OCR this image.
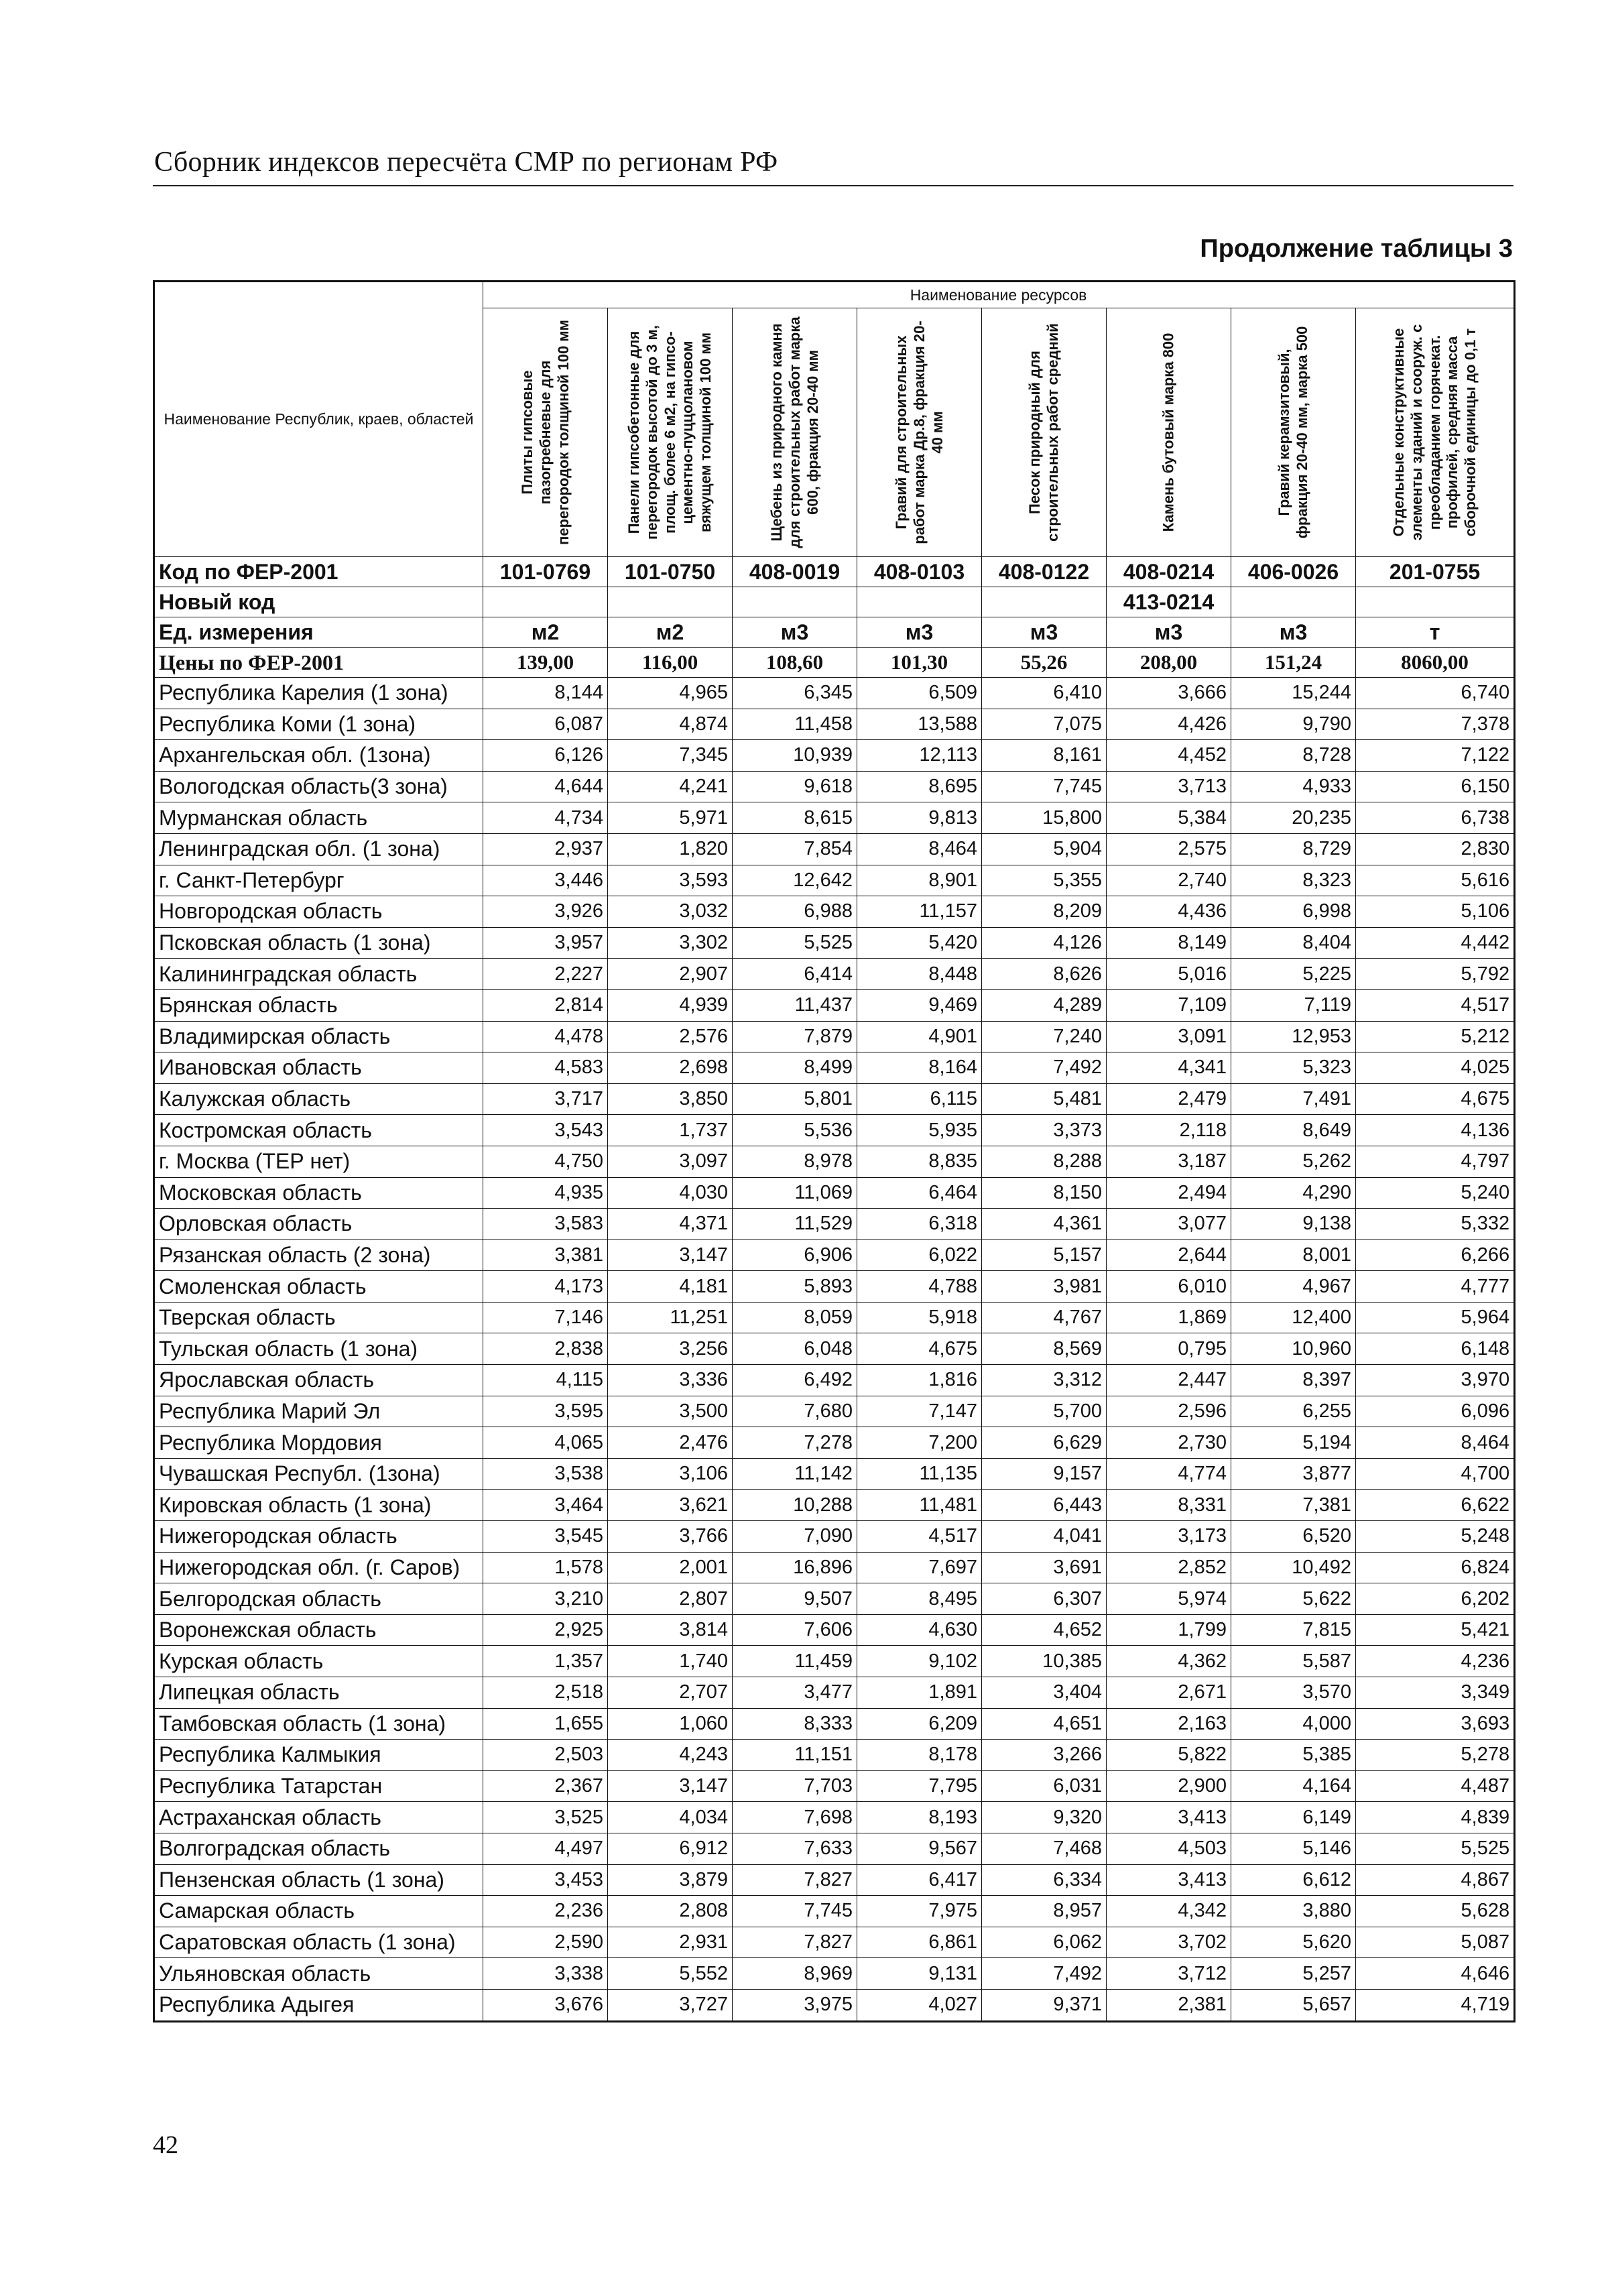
Сборник индексов пересчёта СМР по регионам РФ
Продолжение таблицы 3
Наименование Республик, краев, областей	Наименование ресурсов							

	Плиты гипсовые пазогребневые для перегородок толщиной 100 мм	Панели гипсобетонные для перегородок высотой до 3 м, площ. более 6 м2, на гипсо-цементно-пуццолановом вяжущем толщиной 100 мм	Щебень из природного камня для строительных работ марка 600, фракция 20-40 мм	Гравий для строительных работ марка Др.8, фракция 20-40 мм	Песок природный для строительных работ средний	Камень бутовый марка 800	Гравий керамзитовый, фракция 20-40 мм, марка 500	Отдельные конструктивные элементы зданий и сооруж. с преобладанием горячекат. профилей, средняя масса сборочной единицы до 0,1 т

Код по ФЕР-2001	101-0769	101-0750	408-0019	408-0103	408-0122	408-0214	406-0026	201-0755
Новый код						413-0214		
Ед. измерения	м2	м2	м3	м3	м3	м3	м3	т
Цены по ФЕР-2001	139,00	116,00	108,60	101,30	55,26	208,00	151,24	8060,00
Республика Карелия (1 зона)	8,144	4,965	6,345	6,509	6,410	3,666	15,244	6,740
Республика Коми (1 зона)	6,087	4,874	11,458	13,588	7,075	4,426	9,790	7,378
Архангельская обл. (1зона)	6,126	7,345	10,939	12,113	8,161	4,452	8,728	7,122
Вологодская область(3 зона)	4,644	4,241	9,618	8,695	7,745	3,713	4,933	6,150
Мурманская область	4,734	5,971	8,615	9,813	15,800	5,384	20,235	6,738
Ленинградская обл. (1 зона)	2,937	1,820	7,854	8,464	5,904	2,575	8,729	2,830
г. Санкт-Петербург	3,446	3,593	12,642	8,901	5,355	2,740	8,323	5,616
Новгородская область	3,926	3,032	6,988	11,157	8,209	4,436	6,998	5,106
Псковская область (1 зона)	3,957	3,302	5,525	5,420	4,126	8,149	8,404	4,442
Калининградская область	2,227	2,907	6,414	8,448	8,626	5,016	5,225	5,792
Брянская область	2,814	4,939	11,437	9,469	4,289	7,109	7,119	4,517
Владимирская область	4,478	2,576	7,879	4,901	7,240	3,091	12,953	5,212
Ивановская область	4,583	2,698	8,499	8,164	7,492	4,341	5,323	4,025
Калужская область	3,717	3,850	5,801	6,115	5,481	2,479	7,491	4,675
Костромская область	3,543	1,737	5,536	5,935	3,373	2,118	8,649	4,136
г. Москва (ТЕР нет)	4,750	3,097	8,978	8,835	8,288	3,187	5,262	4,797
Московская область	4,935	4,030	11,069	6,464	8,150	2,494	4,290	5,240
Орловская область	3,583	4,371	11,529	6,318	4,361	3,077	9,138	5,332
Рязанская область (2 зона)	3,381	3,147	6,906	6,022	5,157	2,644	8,001	6,266
Смоленская область	4,173	4,181	5,893	4,788	3,981	6,010	4,967	4,777
Тверская область	7,146	11,251	8,059	5,918	4,767	1,869	12,400	5,964
Тульская область (1 зона)	2,838	3,256	6,048	4,675	8,569	0,795	10,960	6,148
Ярославская область	4,115	3,336	6,492	1,816	3,312	2,447	8,397	3,970
Республика Марий Эл	3,595	3,500	7,680	7,147	5,700	2,596	6,255	6,096
Республика Мордовия	4,065	2,476	7,278	7,200	6,629	2,730	5,194	8,464
Чувашская Республ. (1зона)	3,538	3,106	11,142	11,135	9,157	4,774	3,877	4,700
Кировская область (1 зона)	3,464	3,621	10,288	11,481	6,443	8,331	7,381	6,622
Нижегородская область	3,545	3,766	7,090	4,517	4,041	3,173	6,520	5,248
Нижегородская обл. (г. Саров)	1,578	2,001	16,896	7,697	3,691	2,852	10,492	6,824
Белгородская область	3,210	2,807	9,507	8,495	6,307	5,974	5,622	6,202
Воронежская область	2,925	3,814	7,606	4,630	4,652	1,799	7,815	5,421
Курская область	1,357	1,740	11,459	9,102	10,385	4,362	5,587	4,236
Липецкая область	2,518	2,707	3,477	1,891	3,404	2,671	3,570	3,349
Тамбовская область (1 зона)	1,655	1,060	8,333	6,209	4,651	2,163	4,000	3,693
Республика Калмыкия	2,503	4,243	11,151	8,178	3,266	5,822	5,385	5,278
Республика Татарстан	2,367	3,147	7,703	7,795	6,031	2,900	4,164	4,487
Астраханская область	3,525	4,034	7,698	8,193	9,320	3,413	6,149	4,839
Волгоградская область	4,497	6,912	7,633	9,567	7,468	4,503	5,146	5,525
Пензенская область (1 зона)	3,453	3,879	7,827	6,417	6,334	3,413	6,612	4,867
Самарская область	2,236	2,808	7,745	7,975	8,957	4,342	3,880	5,628
Саратовская область (1 зона)	2,590	2,931	7,827	6,861	6,062	3,702	5,620	5,087
Ульяновская область	3,338	5,552	8,969	9,131	7,492	3,712	5,257	4,646
Республика Адыгея	3,676	3,727	3,975	4,027	9,371	2,381	5,657	4,719
42
